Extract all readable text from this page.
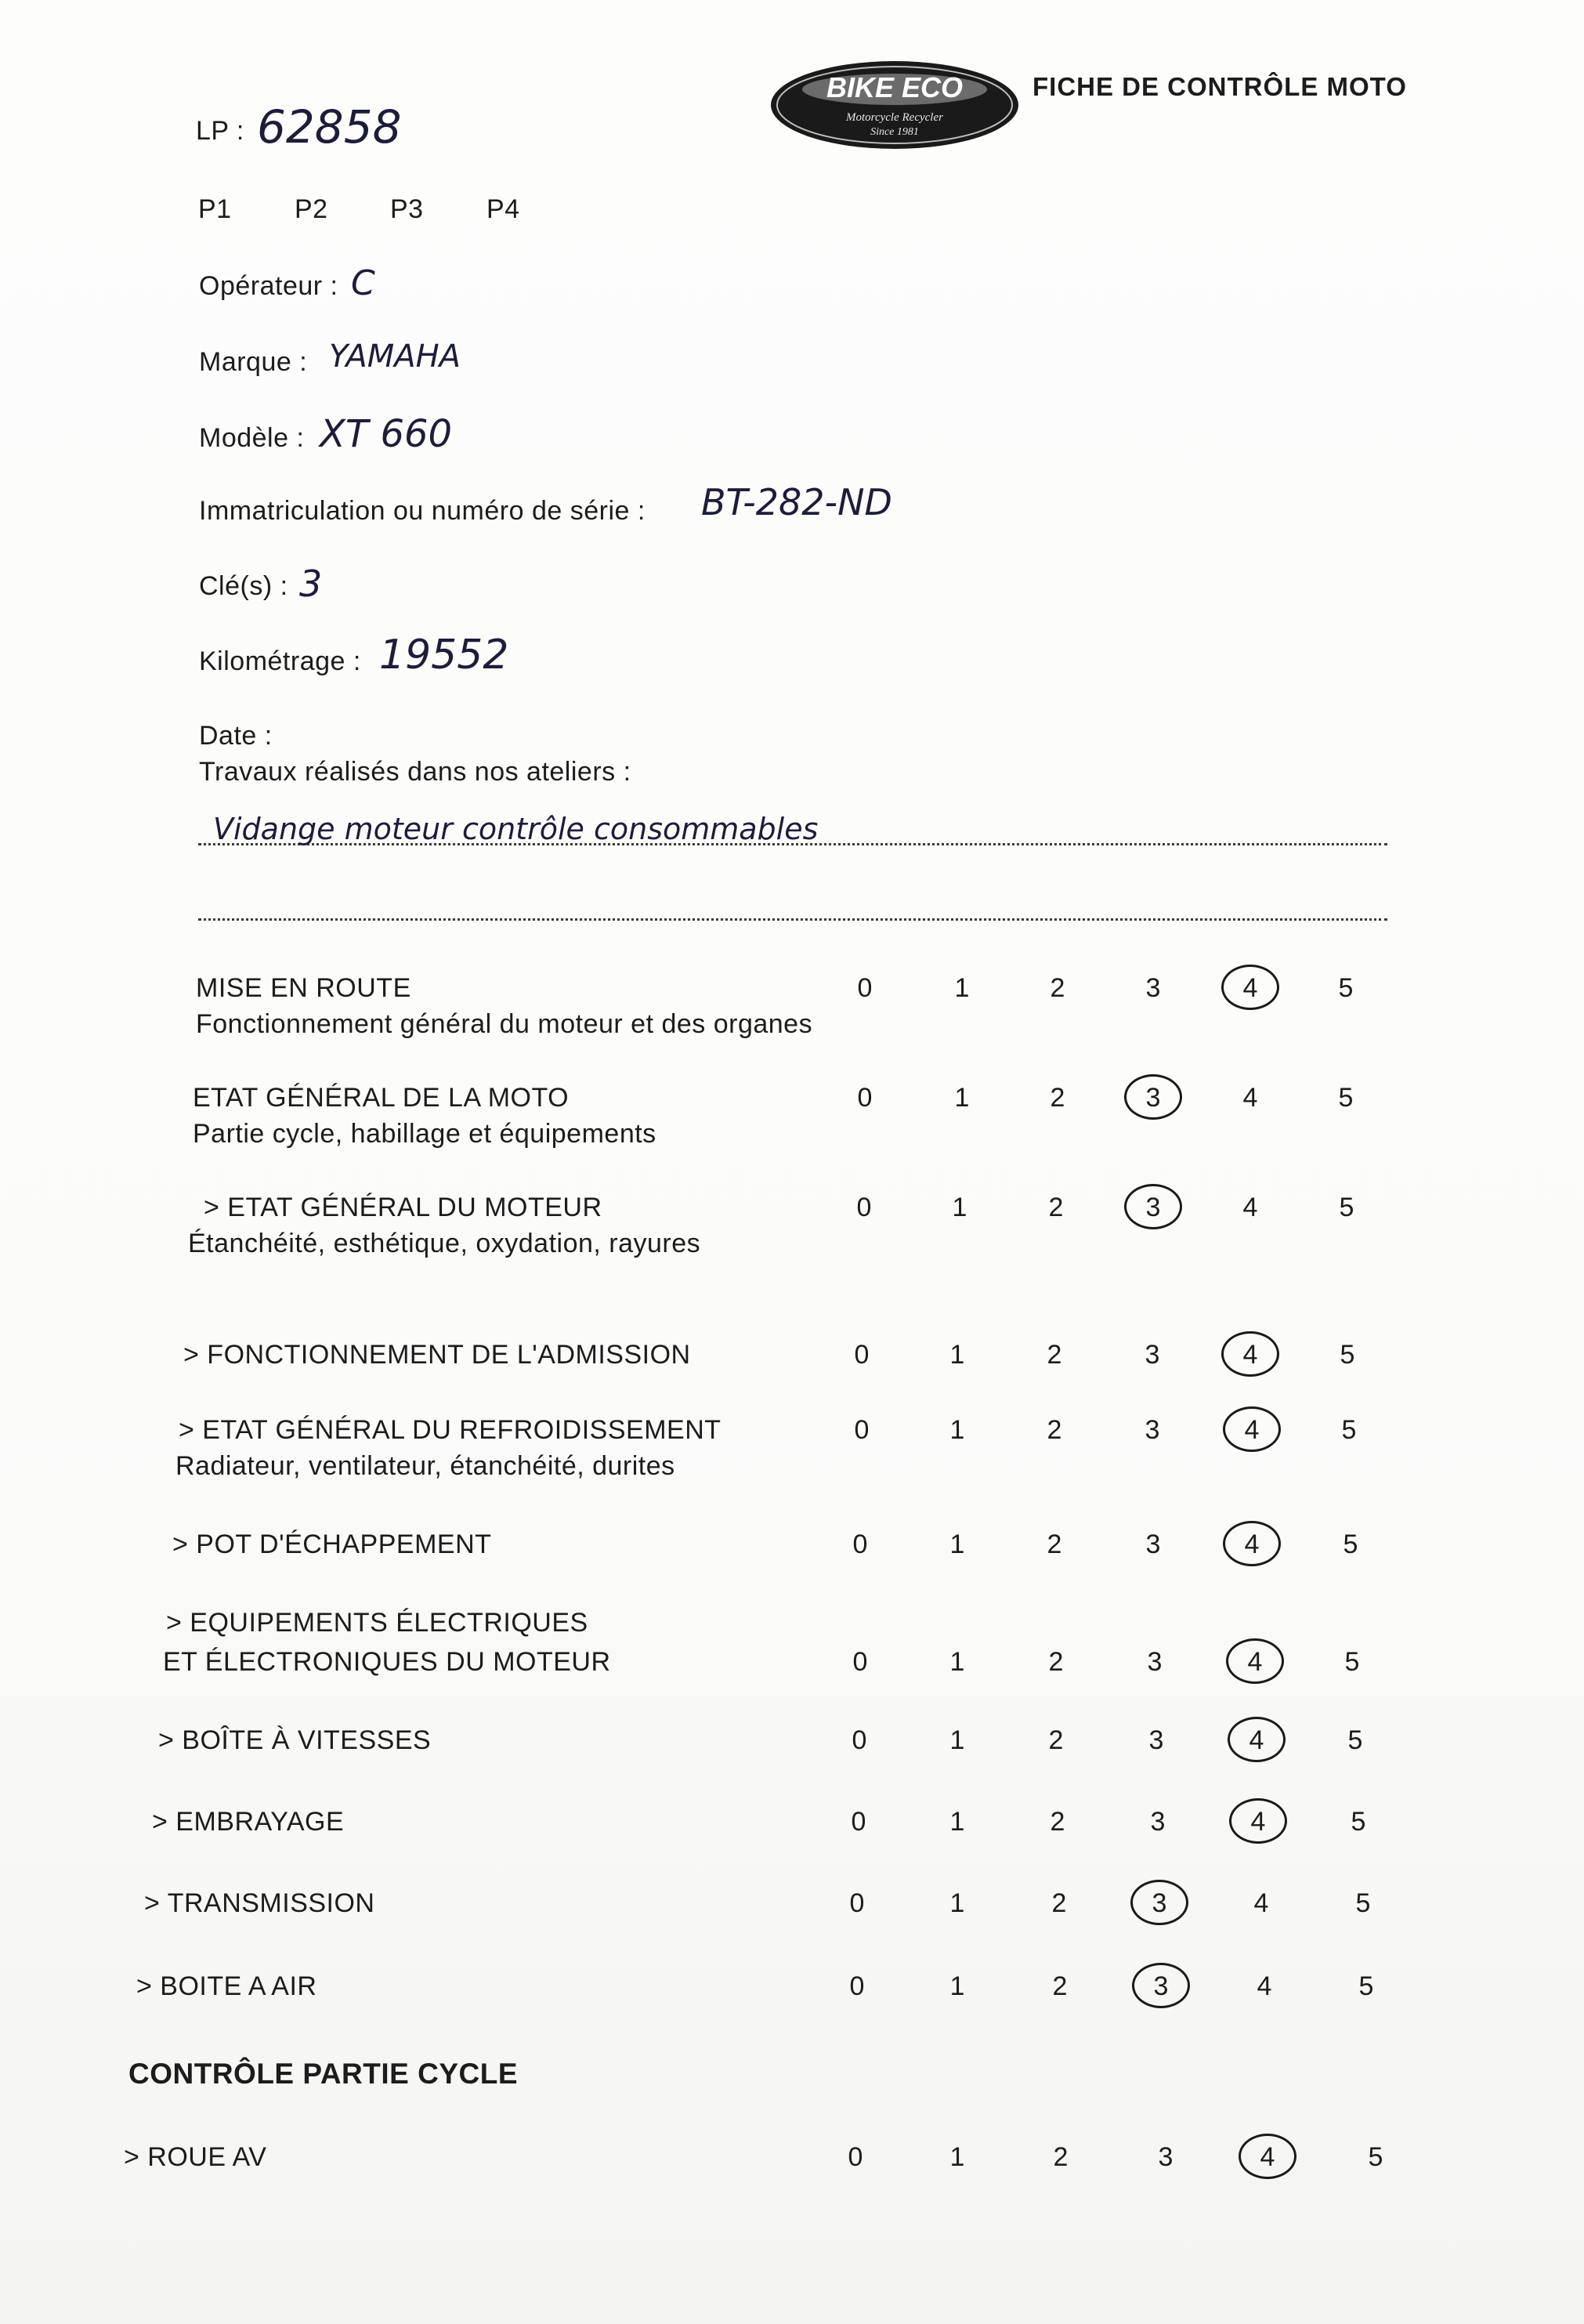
BIKE ECO
Motorcycle Recycler
Since 1981
FICHE DE CONTRÔLE MOTO
LP : 62858
P1 P2 P3 P4
Opérateur : C
Marque : YAMAHA
Modèle : XT 660
Immatriculation ou numéro de série : BT-282-ND
Clé(s) : 3
Kilométrage : 19552
Date :
Travaux réalisés dans nos ateliers :
Vidange moteur contrôle consommables
MISE EN ROUTE
Fonctionnement général du moteur et des organes
0	1	2	3	4	5
ETAT GÉNÉRAL DE LA MOTO
Partie cycle, habillage et équipements
0	1	2	3	4	5
> ETAT GÉNÉRAL DU MOTEUR
Étanchéité, esthétique, oxydation, rayures
0	1	2	3	4	5
> FONCTIONNEMENT DE L'ADMISSION	0	1	2	3	4	5
> ETAT GÉNÉRAL DU REFROIDISSEMENT
Radiateur, ventilateur, étanchéité, durites
0	1	2	3	4	5
> POT D'ÉCHAPPEMENT	0	1	2	3	4	5
> EQUIPEMENTS ÉLECTRIQUES
ET ÉLECTRONIQUES DU MOTEUR	0	1	2	3	4	5
> BOÎTE À VITESSES	0	1	2	3	4	5
> EMBRAYAGE	0	1	2	3	4	5
> TRANSMISSION	0	1	2	3	4	5
> BOITE A AIR	0	1	2	3	4	5
CONTRÔLE PARTIE CYCLE
> ROUE AV	0	1	2	3	4	5
